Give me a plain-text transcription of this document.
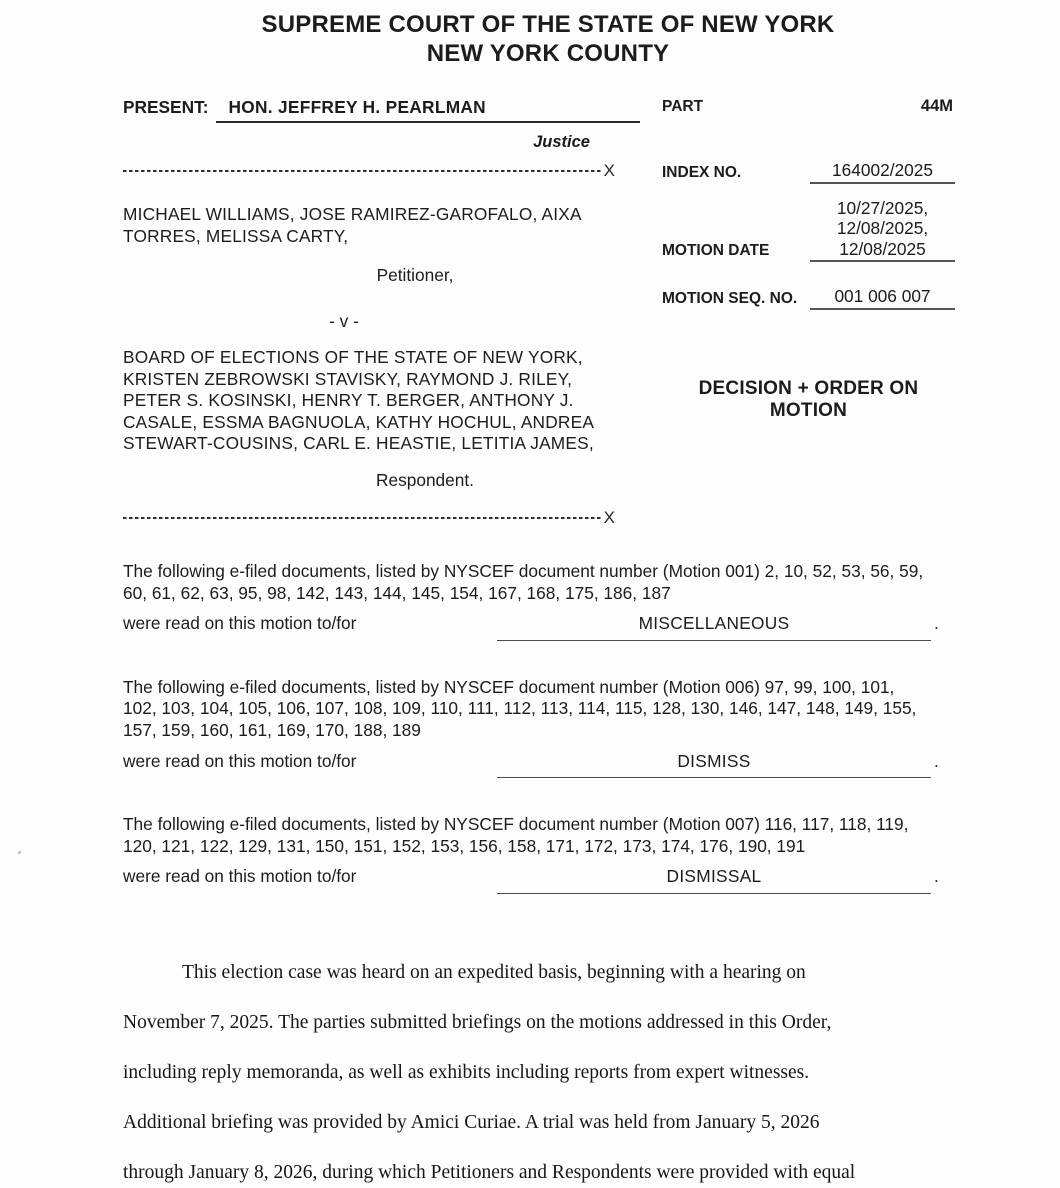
SUPREME COURT OF THE STATE OF NEW YORK
NEW YORK COUNTY
PRESENT:	HON. JEFFREY H. PEARLMAN
Justice
X
MICHAEL WILLIAMS, JOSE RAMIREZ-GAROFALO, AIXA
TORRES, MELISSA CARTY,
Petitioner,
- v -
BOARD OF ELECTIONS OF THE STATE OF NEW YORK,
KRISTEN ZEBROWSKI STAVISKY, RAYMOND J. RILEY,
PETER S. KOSINSKI, HENRY T. BERGER, ANTHONY J.
CASALE, ESSMA BAGNUOLA, KATHY HOCHUL, ANDREA
STEWART-COUSINS, CARL E. HEASTIE, LETITIA JAMES,
Respondent.
X
PART	44M
INDEX NO.	164002/2025
MOTION DATE
10/27/2025,
12/08/2025,
12/08/2025
MOTION SEQ. NO.	001 006 007
DECISION + ORDER ON
MOTION
The following e-filed documents, listed by NYSCEF document number (Motion 001) 2, 10, 52, 53, 56, 59,
60, 61, 62, 63, 95, 98, 142, 143, 144, 145, 154, 167, 168, 175, 186, 187
were read on this motion to/for	MISCELLANEOUS	.
The following e-filed documents, listed by NYSCEF document number (Motion 006) 97, 99, 100, 101,
102, 103, 104, 105, 106, 107, 108, 109, 110, 111, 112, 113, 114, 115, 128, 130, 146, 147, 148, 149, 155,
157, 159, 160, 161, 169, 170, 188, 189
were read on this motion to/for	DISMISS	.
The following e-filed documents, listed by NYSCEF document number (Motion 007) 116, 117, 118, 119,
120, 121, 122, 129, 131, 150, 151, 152, 153, 156, 158, 171, 172, 173, 174, 176, 190, 191
were read on this motion to/for	DISMISSAL	.
This election case was heard on an expedited basis, beginning with a hearing on
November 7, 2025. The parties submitted briefings on the motions addressed in this Order,
including reply memoranda, as well as exhibits including reports from expert witnesses.
Additional briefing was provided by Amici Curiae. A trial was held from January 5, 2026
through January 8, 2026, during which Petitioners and Respondents were provided with equal
